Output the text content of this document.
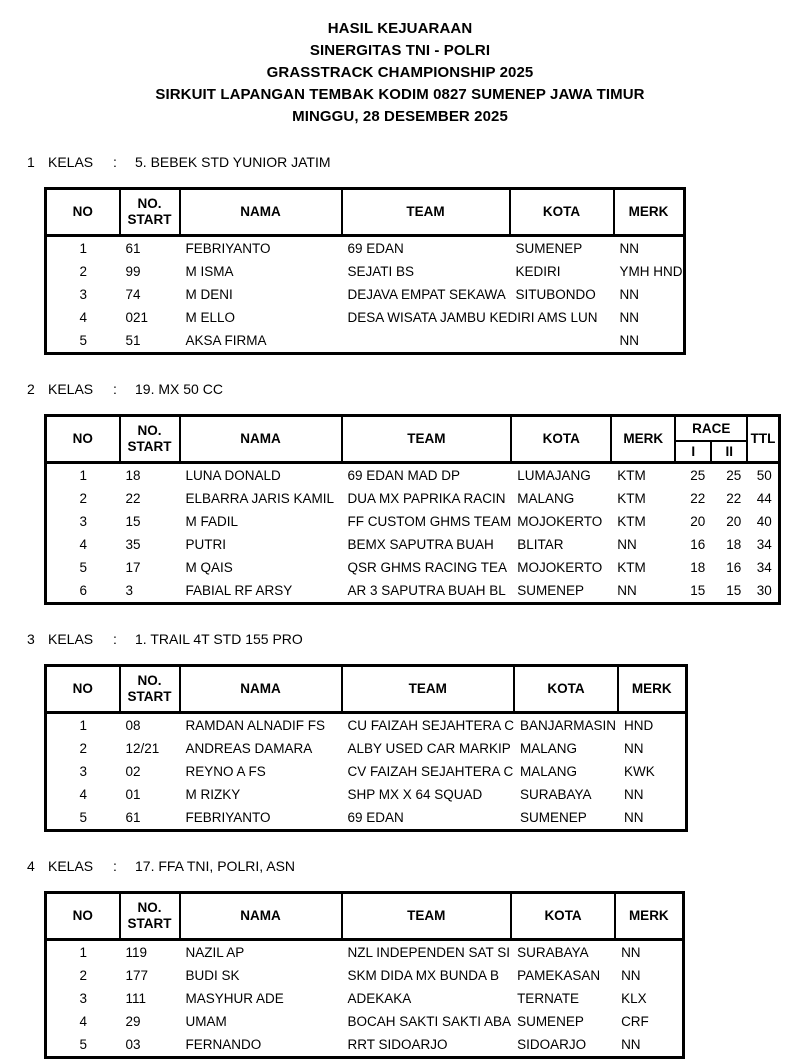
HASIL KEJUARAAN
SINERGITAS TNI - POLRI
GRASSTRACK CHAMPIONSHIP 2025
SIRKUIT LAPANGAN TEMBAK KODIM 0827 SUMENEP JAWA TIMUR
MINGGU, 28 DESEMBER 2025
1 KELAS	:	5. BEBEK STD YUNIOR JATIM
NO	NO. START	NAMA	TEAM	KOTA	MERK
1	61	FEBRIYANTO	69 EDAN	SUMENEP	NN
2	99	M ISMA	SEJATI BS	KEDIRI	YMH HND
3	74	M DENI	DEJAVA EMPAT SEKAWA	SITUBONDO	NN
4	021	M ELLO	DESA WISATA JAMBU KEDIRI AMS LUN		NN
5	51	AKSA FIRMA			NN
2 KELAS	:	19. MX 50 CC
NO	NO. START	NAMA	TEAM	KOTA	MERK	RACE		TTL
						I	II	
1	18	LUNA DONALD	69 EDAN MAD DP	LUMAJANG	KTM	25	25	50
2	22	ELBARRA JARIS KAMIL	DUA MX PAPRIKA RACIN	MALANG	KTM	22	22	44
3	15	M FADIL	FF CUSTOM GHMS TEAM	MOJOKERTO	KTM	20	20	40
4	35	PUTRI	BEMX SAPUTRA BUAH	BLITAR	NN	16	18	34
5	17	M QAIS	QSR GHMS RACING TEA	MOJOKERTO	KTM	18	16	34
6	3	FABIAL RF ARSY	AR 3 SAPUTRA BUAH BL	SUMENEP	NN	15	15	30
3 KELAS	:	1. TRAIL 4T STD 155 PRO
NO	NO. START	NAMA	TEAM	KOTA	MERK
1	08	RAMDAN ALNADIF FS	CU FAIZAH SEJAHTERA C	BANJARMASIN	HND
2	12/21	ANDREAS DAMARA	ALBY USED CAR MARKIP	MALANG	NN
3	02	REYNO A FS	CV FAIZAH SEJAHTERA C	MALANG	KWK
4	01	M RIZKY	SHP MX X 64 SQUAD	SURABAYA	NN
5	61	FEBRIYANTO	69 EDAN	SUMENEP	NN
4 KELAS	:	17. FFA TNI, POLRI, ASN
NO	NO. START	NAMA	TEAM	KOTA	MERK
1	119	NAZIL AP	NZL INDEPENDEN SAT SI	SURABAYA	NN
2	177	BUDI SK	SKM DIDA MX BUNDA B	PAMEKASAN	NN
3	111	MASYHUR ADE	ADEKAKA	TERNATE	KLX
4	29	UMAM	BOCAH SAKTI SAKTI ABA	SUMENEP	CRF
5	03	FERNANDO	RRT SIDOARJO	SIDOARJO	NN
